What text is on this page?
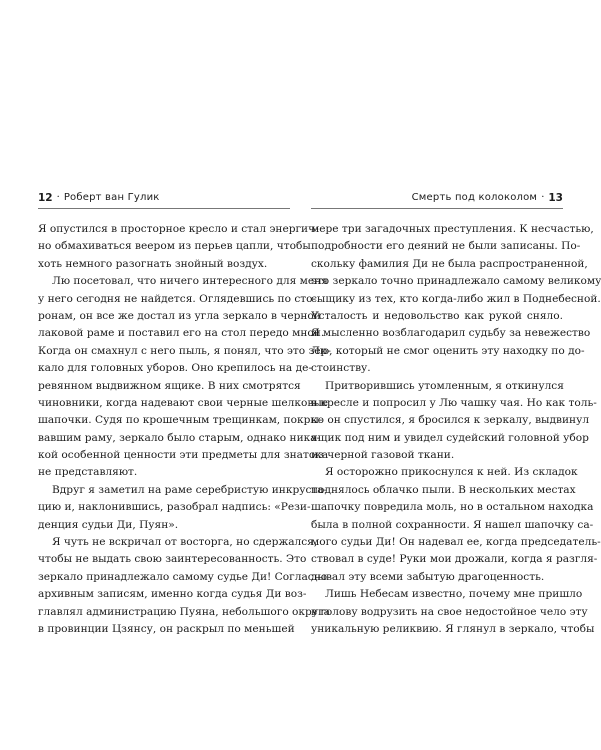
12 · Роберт ван Гулик
Я опустился в просторное кресло и стал энергич-
но обмахиваться веером из перьев цапли, чтобы
хоть немного разогнать знойный воздух.
Лю посетовал, что ничего интересного для меня
у него сегодня не найдется. Оглядевшись по сто-
ронам, он все же достал из угла зеркало в черной
лаковой раме и поставил его на стол передо мной.
Когда он смахнул с него пыль, я понял, что это зер-
кало для головных уборов. Оно крепилось на де-
ревянном выдвижном ящике. В них смотрятся
чиновники, когда надевают свои черные шелковые
шапочки. Судя по крошечным трещинкам, покры-
вавшим раму, зеркало было старым, однако ника-
кой особенной ценности эти предметы для знатока
не представляют.
Вдруг я заметил на раме серебристую инкруста-
цию и, наклонившись, разобрал надпись: «Рези-
денция судьи Ди, Пуян».
Я чуть не вскричал от восторга, но сдержался,
чтобы не выдать свою заинтересованность. Это
зеркало принадлежало самому судье Ди! Согласно
архивным записям, именно когда судья Ди воз-
главлял администрацию Пуяна, небольшого округа
в провинции Цзянсу, он раскрыл по меньшей
Смерть под колоколом · 13
мере три загадочных преступления. К несчастью,
подробности его деяний не были записаны. По-
скольку фамилия Ди не была распространенной,
это зеркало точно принадлежало самому великому
сыщику из тех, кто когда-либо жил в Поднебесной.
Усталость и недовольство как рукой сняло.
Я мысленно возблагодарил судьбу за невежество
Лю, который не смог оценить эту находку по до-
стоинству.
Притворившись утомленным, я откинулся
в кресле и попросил у Лю чашку чая. Но как толь-
ко он спустился, я бросился к зеркалу, выдвинул
ящик под ним и увидел судейский головной убор
из черной газовой ткани.
Я осторожно прикоснулся к ней. Из складок
поднялось облачко пыли. В нескольких местах
шапочку повредила моль, но в остальном находка
была в полной сохранности. Я нашел шапочку са-
мого судьи Ди! Он надевал ее, когда председатель-
ствовал в суде! Руки мои дрожали, когда я разгля-
дывал эту всеми забытую драгоценность.
Лишь Небесам известно, почему мне пришло
в голову водрузить на свое недостойное чело эту
уникальную реликвию. Я глянул в зеркало, чтобы
